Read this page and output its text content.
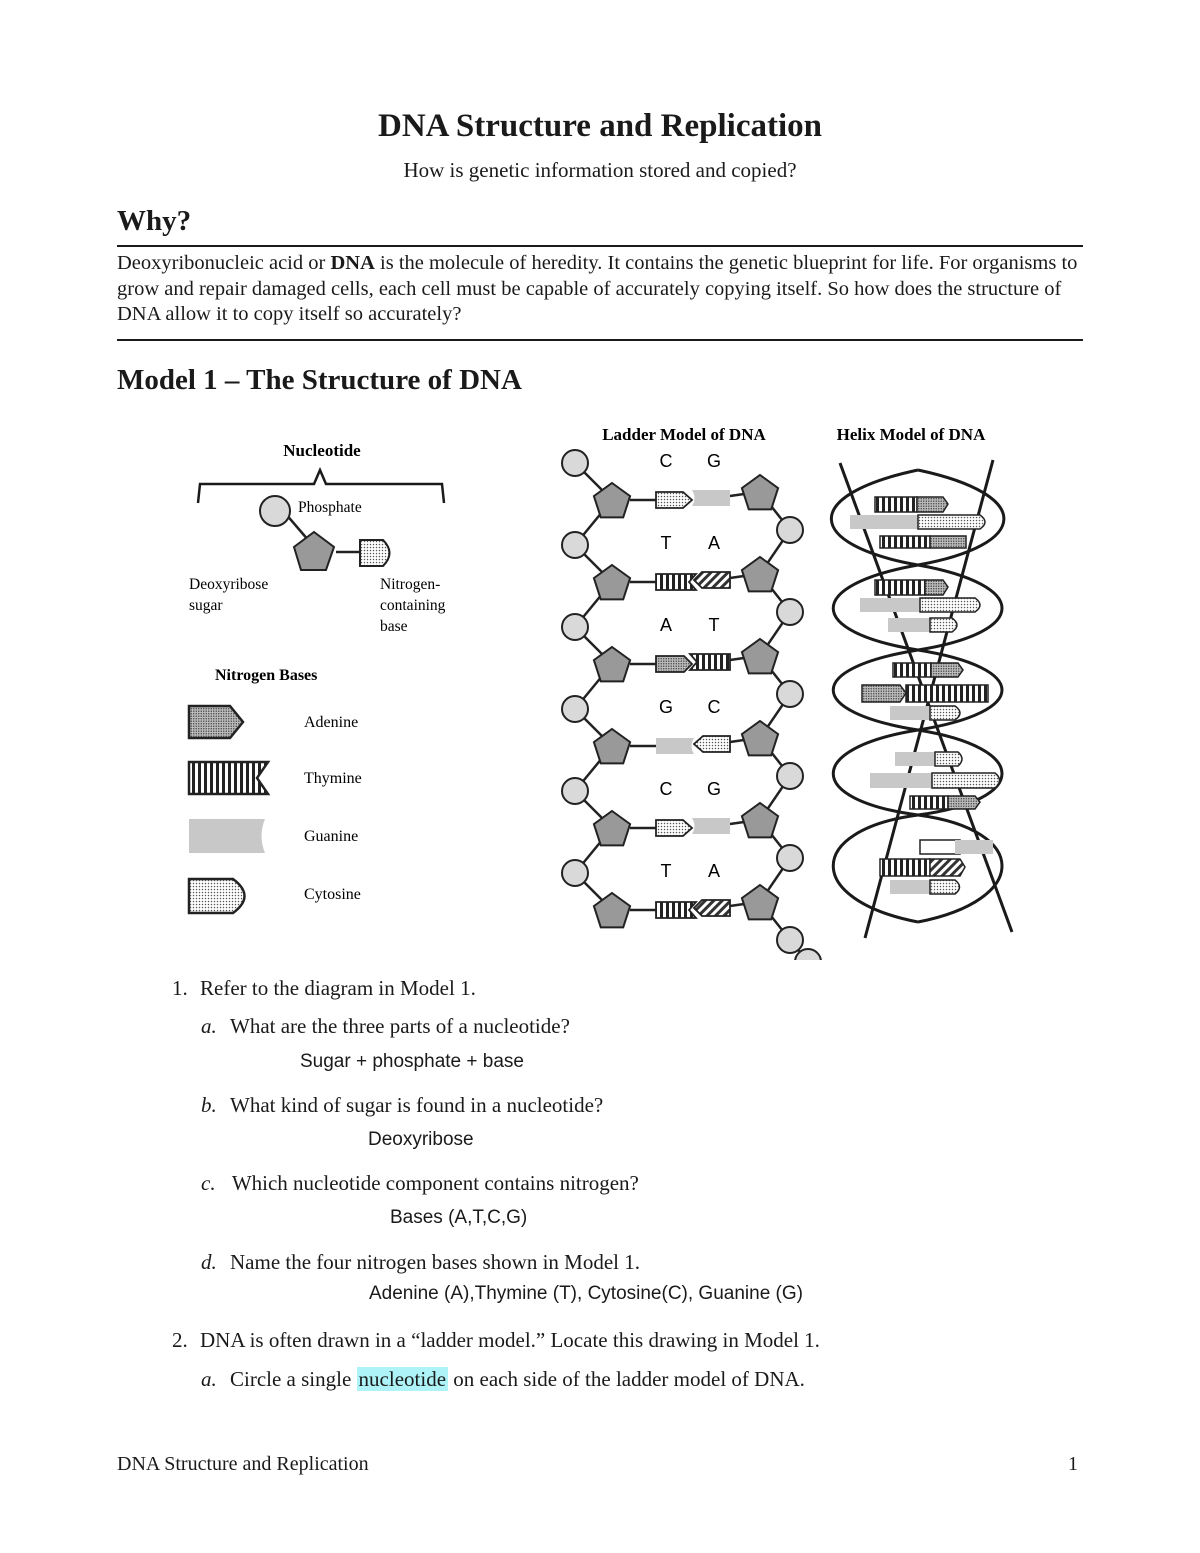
DNA Structure and Replication
How is genetic information stored and copied?
Why?
Deoxyribonucleic acid or DNA is the molecule of heredity. It contains the genetic blueprint for life. For organisms to grow and repair damaged cells, each cell must be capable of accurately copying itself. So how does the structure of DNA allow it to copy itself so accurately?
Model 1 – The Structure of DNA
Nucleotide
Phosphate
Deoxyribose
sugar
Nitrogen-
containing
base
Nitrogen Bases
Adenine
Thymine
Guanine
Cytosine
Ladder Model of DNA
C G
T A
A T
G C
C G
T A
Helix Model of DNA
1. Refer to the diagram in Model 1.
a. What are the three parts of a nucleotide?
Sugar + phosphate + base
b. What kind of sugar is found in a nucleotide?
Deoxyribose
c. Which nucleotide component contains nitrogen?
Bases (A,T,C,G)
d. Name the four nitrogen bases shown in Model 1.
Adenine (A),Thymine (T), Cytosine(C), Guanine (G)
2. DNA is often drawn in a “ladder model.” Locate this drawing in Model 1.
a. Circle a single nucleotide on each side of the ladder model of DNA.
DNA Structure and Replication	1
